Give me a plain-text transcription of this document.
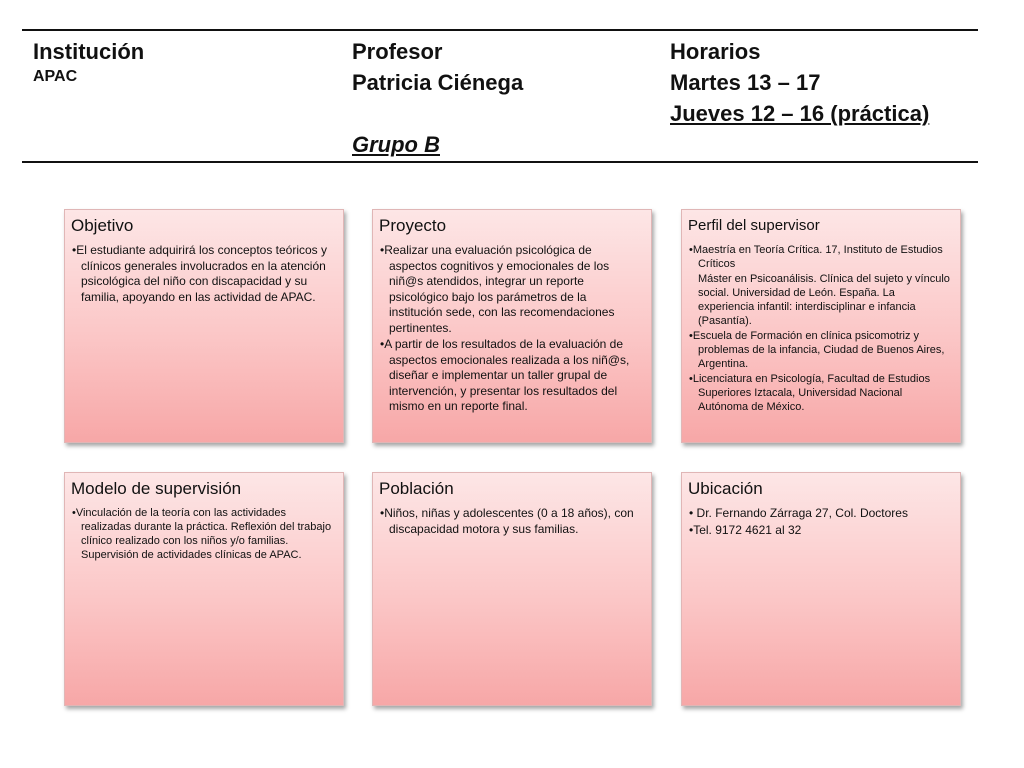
Institución
APAC
Profesor
Patricia Ciénega
Grupo B
Horarios
Martes 13 – 17
Jueves 12 – 16 (práctica)
Objetivo
•El estudiante adquirirá los conceptos teóricos y clínicos generales involucrados en la atención psicológica del niño con discapacidad y su familia, apoyando en las actividad de APAC.
Proyecto
•Realizar una evaluación psicológica de aspectos cognitivos y emocionales de los niñ@s atendidos, integrar un reporte psicológico bajo los parámetros de la institución sede, con las recomendaciones pertinentes.
•A partir de los resultados de la evaluación de aspectos emocionales realizada a los niñ@s, diseñar e implementar un taller grupal de intervención, y presentar los resultados del mismo en un reporte final.
Perfil del supervisor
•Maestría en Teoría Crítica. 17, Instituto de Estudios Críticos
Máster en Psicoanálisis. Clínica del sujeto y vínculo social. Universidad de León. España. La experiencia infantil: interdisciplinar e infancia (Pasantía).
•Escuela de Formación en clínica psicomotriz y problemas de la infancia, Ciudad de Buenos Aires, Argentina.
•Licenciatura en Psicología, Facultad de Estudios Superiores Iztacala, Universidad Nacional Autónoma de México.
Modelo de supervisión
•Vinculación de la teoría con las actividades realizadas durante la práctica. Reflexión del trabajo clínico realizado con los niños y/o familias. Supervisión de actividades clínicas de APAC.
Población
•Niños, niñas y adolescentes (0 a 18 años), con discapacidad motora y sus familias.
Ubicación
• Dr. Fernando Zárraga 27, Col. Doctores
•Tel. 9172 4621 al 32
